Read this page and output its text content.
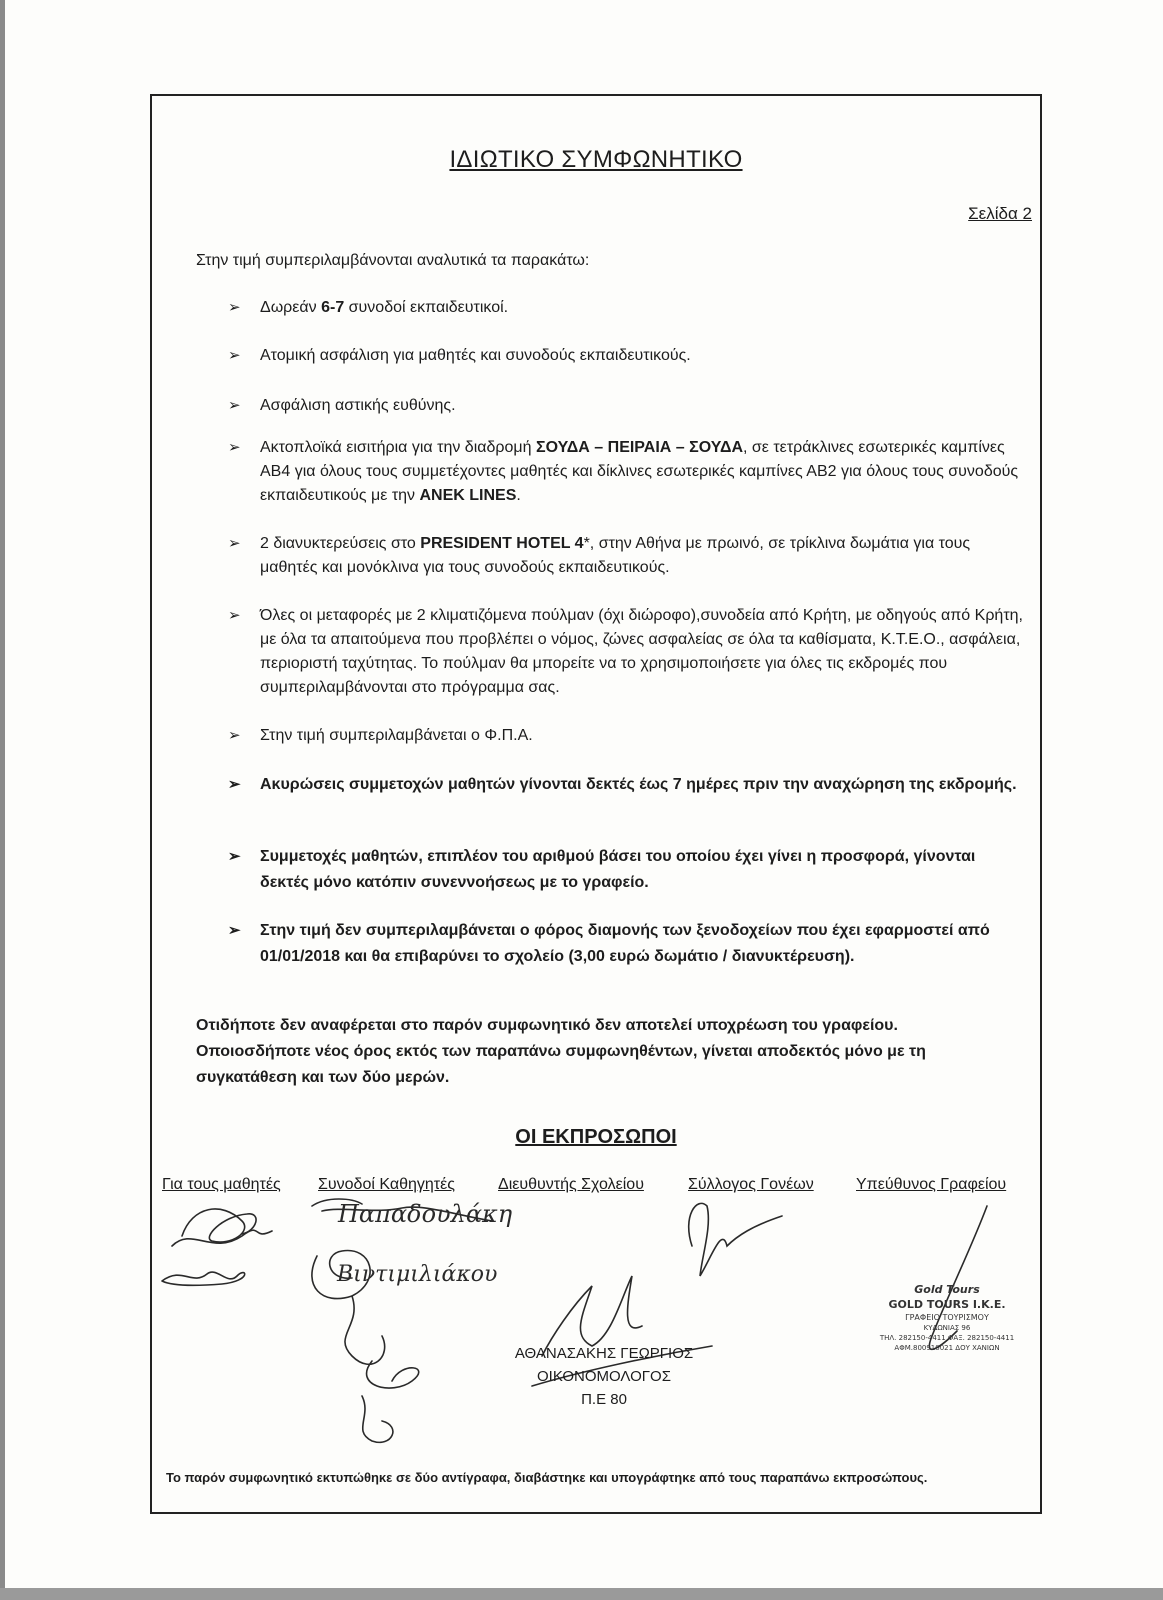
ΙΔΙΩΤΙΚΟ ΣΥΜΦΩΝΗΤΙΚΟ
Σελίδα 2
Στην τιμή συμπεριλαμβάνονται αναλυτικά τα παρακάτω:
➢ Δωρεάν 6-7 συνοδοί εκπαιδευτικοί.
➢ Ατομική ασφάλιση για μαθητές και συνοδούς εκπαιδευτικούς.
➢ Ασφάλιση αστικής ευθύνης.
➢ Ακτοπλοϊκά εισιτήρια για την διαδρομή ΣΟΥΔΑ – ΠΕΙΡΑΙΑ – ΣΟΥΔΑ, σε τετράκλινες εσωτερικές καμπίνες ΑΒ4 για όλους τους συμμετέχοντες μαθητές και δίκλινες εσωτερικές καμπίνες ΑΒ2 για όλους τους συνοδούς εκπαιδευτικούς με την ANEK LINES.
➢ 2 διανυκτερεύσεις στο PRESIDENT HOTEL 4*, στην Αθήνα με πρωινό, σε τρίκλινα δωμάτια για τους μαθητές και μονόκλινα για τους συνοδούς εκπαιδευτικούς.
➢ Όλες οι μεταφορές με 2 κλιματιζόμενα πούλμαν (όχι διώροφο),συνοδεία από Κρήτη, με οδηγούς από Κρήτη, με όλα τα απαιτούμενα που προβλέπει ο νόμος, ζώνες ασφαλείας σε όλα τα καθίσματα, Κ.Τ.Ε.Ο., ασφάλεια, περιοριστή ταχύτητας. Το πούλμαν θα μπορείτε να το χρησιμοποιήσετε για όλες τις εκδρομές που συμπεριλαμβάνονται στο πρόγραμμα σας.
➢ Στην τιμή συμπεριλαμβάνεται ο Φ.Π.Α.
➢ Ακυρώσεις συμμετοχών μαθητών γίνονται δεκτές έως 7 ημέρες πριν την αναχώρηση της εκδρομής.
➢ Συμμετοχές μαθητών, επιπλέον του αριθμού βάσει του οποίου έχει γίνει η προσφορά, γίνονται δεκτές μόνο κατόπιν συνεννοήσεως με το γραφείο.
➢ Στην τιμή δεν συμπεριλαμβάνεται ο φόρος διαμονής των ξενοδοχείων που έχει εφαρμοστεί από 01/01/2018 και θα επιβαρύνει το σχολείο (3,00 ευρώ δωμάτιο / διανυκτέρευση).
Οτιδήποτε δεν αναφέρεται στο παρόν συμφωνητικό δεν αποτελεί υποχρέωση του γραφείου.
Οποιοσδήποτε νέος όρος εκτός των παραπάνω συμφωνηθέντων, γίνεται αποδεκτός μόνο με τη
συγκατάθεση και των δύο μερών.
ΟΙ ΕΚΠΡΟΣΩΠΟΙ
Για τους μαθητές Συνοδοί Καθηγητές	Διευθυντής Σχολείου	Σύλλογος Γονέων	Υπεύθυνος Γραφείου
Παπαδουλάκη
Βιντιμιλιάκου
ΑΘΑΝΑΣΑΚΗΣ ΓΕΩΡΓΙΟΣ
ΟΙΚΟΝΟΜΟΛΟΓΟΣ
Π.Ε 80
Gold Tours
GOLD TOURS I.K.E.
ΓΡΑΦΕΙΟ ΤΟΥΡΙΣΜΟΥ
ΚΥΔΩΝΙΑΣ 96
ΤΗΛ. 282150-4411 ΦΑΞ. 282150-4411
ΑΦΜ.800910021 ΔΟΥ ΧΑΝΙΩΝ
Το παρόν συμφωνητικό εκτυπώθηκε σε δύο αντίγραφα, διαβάστηκε και υπογράφτηκε από τους παραπάνω εκπροσώπους.
